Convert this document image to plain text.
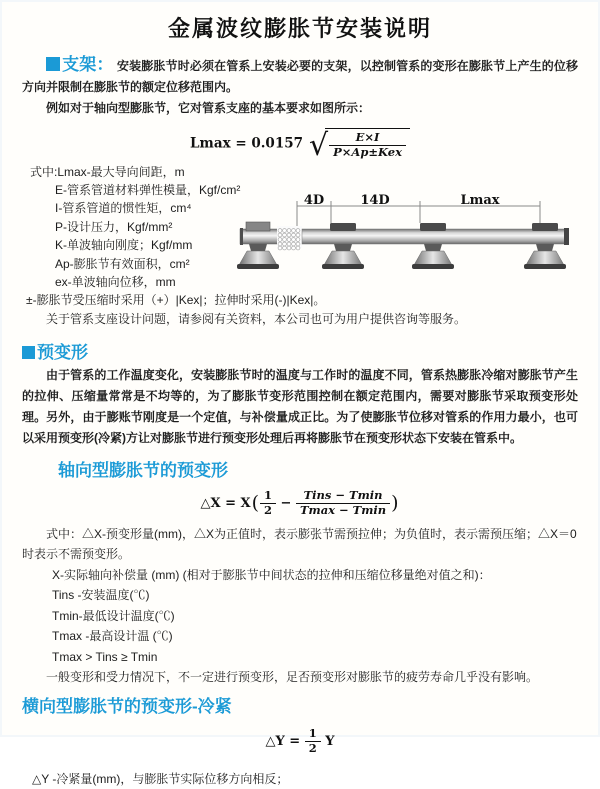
金属波纹膨胀节安装说明

支架： 安装膨胀节时必须在管系上安装必要的支架，以控制管系的变形在膨胀节上产生的位移方向并限制在膨胀节的额定位移范围内。

例如对于轴向型膨胀节，它对管系支座的基本要求如图所示：

Lmax = 0.0157 √ $\frac{E\times I}{\text{P×Ap±Kex}}$
式中:Lmax-最大导向间距，m
E-管系管道材料弹性模量，Kgf/cm²
I-管系管道的惯性矩，cm⁴
P-设计压力，Kgf/mm²
K-单波轴向刚度；Kgf/mm
Ap-膨胀节有效面积，cm²
ex-单波轴向位移，mm
±-膨胀节受压缩时采用（+）|Kex|；拉伸时采用(-)|Kex|。
关于管系支座设计问题，请参阅有关资料，本公司也可为用户提供咨询等服务。
4D	14D	Lmax
预变形

由于管系的工作温度变化，安装膨胀节时的温度与工作时的温度不同，管系热膨胀冷缩对膨胀节产生的拉伸、压缩量常常是不均等的，为了膨胀节变形范围控制在额定范围内，需要对膨胀节采取预变形处理。另外，由于膨账节刚度是一个定值，与补偿量成正比。为了使膨胀节位移对管系的作用力最小，也可以采用预变形(冷紧)方让对膨胀节进行预变形处理后再将膨胀节在预变形状态下安装在管系中。

轴向型膨胀节的预变形
△X = $X( \frac{1}{2} - \frac{\text{Tins − Tmin}}{Tmax - Tmin}$ )
式中：△X-预变形量(mm)，△X为正值时，表示膨张节需预拉伸；为负值时，表示需预压缩；△X＝0时表示不需预变形。
X-实际轴向补偿量 (mm) (相对于膨胀节中间状态的拉伸和压缩位移量绝对值之和)：
Tins -安装温度(℃)
Tmin-最低设计温度(℃)
Tmax -最高设计温 (℃)
Tmax > Tins ≥ Tmin
一般变形和受力情况下，不一定进行预变形，足否预变形对膨胀节的疲劳寿命几乎没有影响。
横向型膨胀节的预变形-冷紧
△Y = $\frac{1}{2}$ Y
△Y -冷紧量(mm)，与膨胀节实际位移方向相反；
